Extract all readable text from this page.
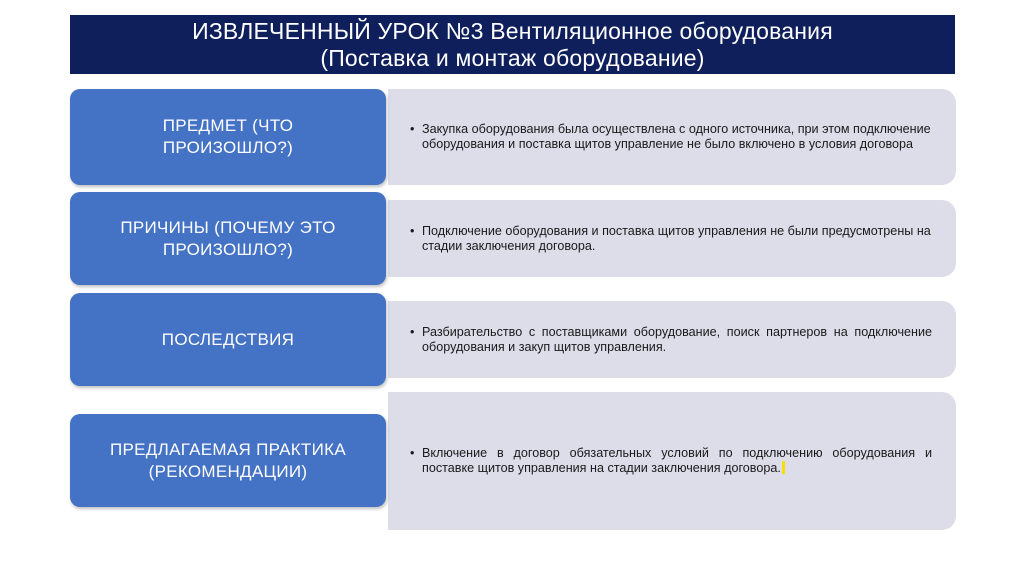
ИЗВЛЕЧЕННЫЙ УРОК №3 Вентиляционное оборудования
(Поставка и монтаж оборудование)
ПРЕДМЕТ (ЧТО
ПРОИЗОШЛО?)
• Закупка оборудования была осуществлена с одного источника, при этом подключение оборудования и поставка щитов управление не было включено в условия договора
ПРИЧИНЫ (ПОЧЕМУ ЭТО
ПРОИЗОШЛО?)
• Подключение оборудования и поставка щитов управления не были предусмотрены на стадии заключения договора.
ПОСЛЕДСТВИЯ	• Разбирательство с поставщиками оборудование, поиск партнеров на подключение оборудования и закуп щитов управления.
ПРЕДЛАГАЕМАЯ ПРАКТИКА
(РЕКОМЕНДАЦИИ)
• Включение в договор обязательных условий по подключению оборудования и поставке щитов управления на стадии заключения договора.
